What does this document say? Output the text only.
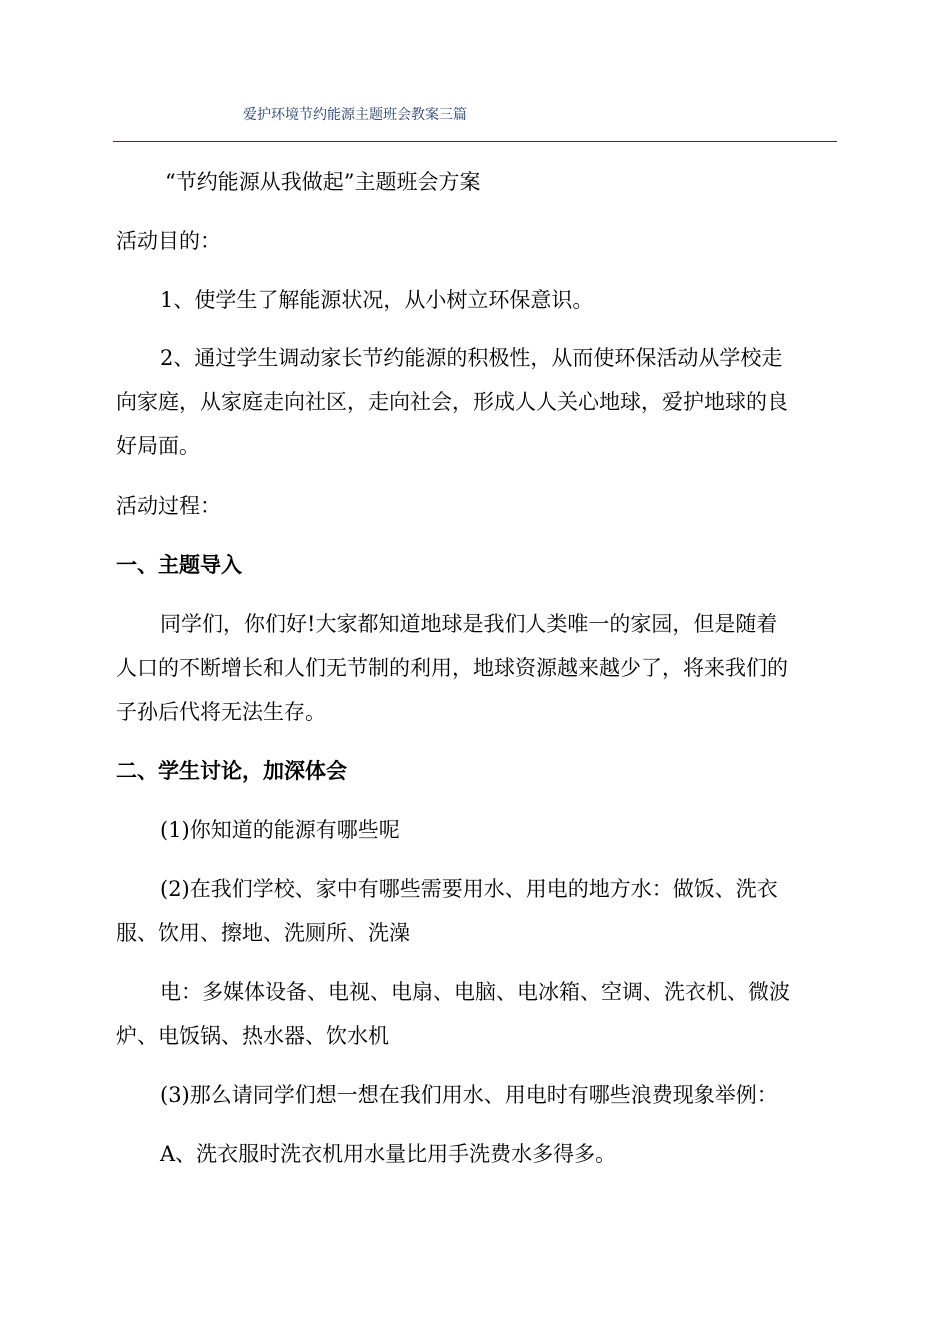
爱护环境节约能源主题班会教案三篇
“节约能源从我做起”主题班会方案
活动目的：
1、使学生了解能源状况，从小树立环保意识。
2、通过学生调动家长节约能源的积极性，从而使环保活动从学校走
向家庭，从家庭走向社区，走向社会，形成人人关心地球，爱护地球的良
好局面。
活动过程：
一、主题导入
同学们，你们好!大家都知道地球是我们人类唯一的家园，但是随着
人口的不断增长和人们无节制的利用，地球资源越来越少了，将来我们的
子孙后代将无法生存。
二、学生讨论，加深体会
(1)你知道的能源有哪些呢
(2)在我们学校、家中有哪些需要用水、用电的地方水：做饭、洗衣
服、饮用、擦地、洗厕所、洗澡
电：多媒体设备、电视、电扇、电脑、电冰箱、空调、洗衣机、微波
炉、电饭锅、热水器、饮水机
(3)那么请同学们想一想在我们用水、用电时有哪些浪费现象举例：
A、洗衣服时洗衣机用水量比用手洗费水多得多。
